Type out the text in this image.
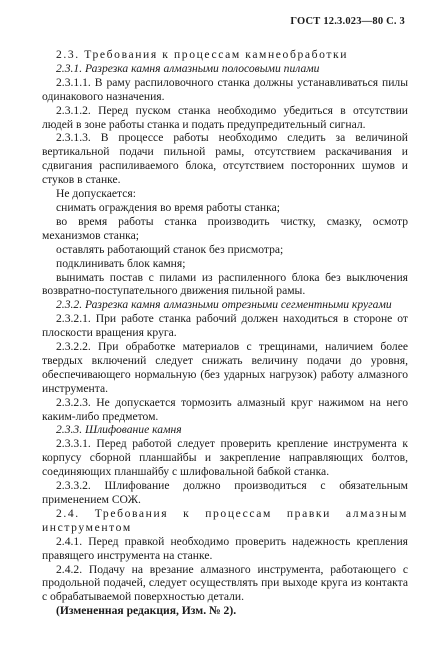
ГОСТ 12.3.023—80 С. 3

2.3. Требования к процессам камнеобработки

2.3.1. Разрезка камня алмазными полосовыми пилами

2.3.1.1. В раму распиловочного станка должны устанавливаться пилы одинакового назначения.

2.3.1.2. Перед пуском станка необходимо убедиться в отсутствии людей в зоне работы станка и подать предупредительный сигнал.

2.3.1.3. В процессе работы необходимо следить за величиной вертикальной подачи пильной рамы, отсутствием раскачивания и сдвигания распиливаемого блока, отсутствием посторонних шумов и стуков в станке.

Не допускается:

снимать ограждения во время работы станка;

во время работы станка производить чистку, смазку, осмотр механизмов станка;

оставлять работающий станок без присмотра;

подклинивать блок камня;

вынимать постав с пилами из распиленного блока без выключения возвратно-поступательного движения пильной рамы.

2.3.2. Разрезка камня алмазными отрезными сегментными кругами

2.3.2.1. При работе станка рабочий должен находиться в стороне от плоскости вращения круга.

2.3.2.2. При обработке материалов с трещинами, наличием более твердых включений следует снижать величину подачи до уровня, обеспечивающего нормальную (без ударных нагрузок) работу алмазного инструмента.

2.3.2.3. Не допускается тормозить алмазный круг нажимом на него каким-либо предметом.

2.3.3. Шлифование камня

2.3.3.1. Перед работой следует проверить крепление инструмента к корпусу сборной планшайбы и закрепление направляющих болтов, соединяющих планшайбу с шлифовальной бабкой станка.

2.3.3.2. Шлифование должно производиться с обязательным применением СОЖ.

2.4. Требования к процессам правки алмазным инструментом

2.4.1. Перед правкой необходимо проверить надежность крепления правящего инструмента на станке.

2.4.2. Подачу на врезание алмазного инструмента, работающего с продольной подачей, следует осуществлять при выходе круга из контакта с обрабатываемой поверхностью детали.

(Измененная редакция, Изм. № 2).
